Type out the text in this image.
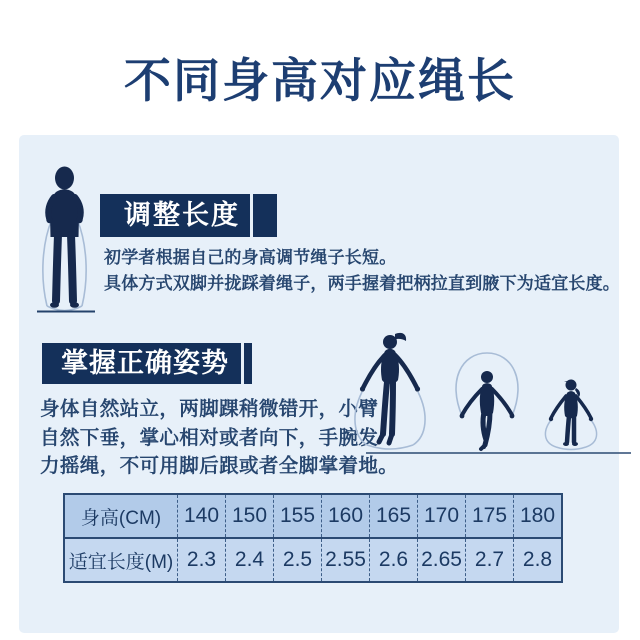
不同身高对应绳长
调整长度
初学者根据自己的身高调节绳子长短。
具体方式双脚并拢踩着绳子，两手握着把柄拉直到腋下为适宜长度。
掌握正确姿势
身体自然站立，两脚踝稍微错开，小臂
自然下垂，掌心相对或者向下，手腕发
力摇绳，不可用脚后跟或者全脚掌着地。
身高(CM)	140	150	155	160	165	170	175	180
适宜长度(M)	2.3	2.4	2.5	2.55	2.6	2.65	2.7	2.8
